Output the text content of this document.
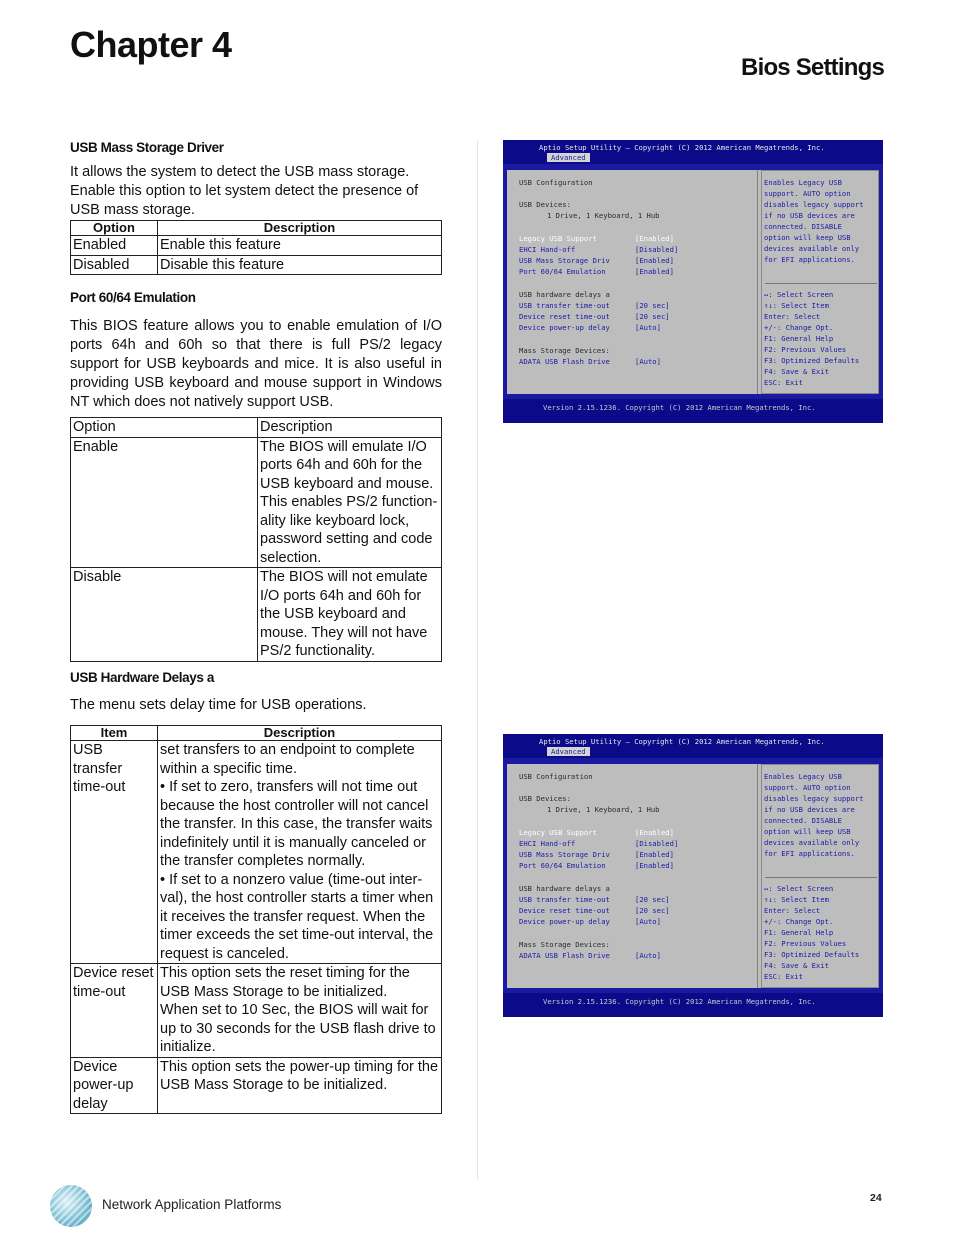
Chapter 4
Bios Settings
USB Mass Storage Driver
It allows the system to detect the USB mass storage. Enable this option to let system detect the presence of USB mass storage.
Option	Description
Enabled	Enable this feature
Disabled	Disable this feature
Port 60/64 Emulation
This BIOS feature allows you to enable emulation of I/O ports 64h and 60h so that there is full PS/2 legacy support for USB keyboards and mice. It is also useful in providing USB keyboard and mouse support in Windows NT which does not natively support USB.
Option	Description
Enable	The BIOS will emulate I/O ports 64h and 60h for the USB keyboard and mouse. This enables PS/2 function-ality like keyboard lock, password setting and code selection.
Disable	The BIOS will not emulate I/O ports 64h and 60h for the USB keyboard and mouse. They will not have PS/2 functionality.
USB Hardware Delays a
The menu sets delay time for USB operations.
Item	Description
USB transfer time-out	set transfers to an endpoint to complete within a specific time.
• If set to zero, transfers will not time out because the host controller will not cancel the transfer. In this case, the transfer waits indefinitely until it is manually canceled or the transfer completes normally.
• If set to a nonzero value (time-out inter-val), the host controller starts a timer when it receives the transfer request. When the timer exceeds the set time-out interval, the request is canceled.

Device reset time-out	This option sets the reset timing for the USB Mass Storage to be initialized.
When set to 10 Sec, the BIOS will wait for up to 30 seconds for the USB flash drive to initialize.

Device power-up delay	This option sets the power-up timing for the USB Mass Storage to be initialized.
Aptio Setup Utility – Copyright (C) 2012 American Megatrends, Inc.
Advanced
USB Configuration
USB Devices:
1 Drive, 1 Keyboard, 1 Hub
Legacy USB Support	[Enabled]
EHCI Hand-off	[Disabled]
USB Mass Storage Driv	[Enabled]
Port 60/64 Emulation	[Enabled]
USB hardware delays a
USB transfer time-out	[20 sec]
Device reset time-out	[20 sec]
Device power-up delay	[Auto]
Mass Storage Devices:
ADATA USB Flash Drive	[Auto]
Enables Legacy USB
support. AUTO option
disables legacy support
if no USB devices are
connected. DISABLE
option will keep USB
devices available only
for EFI applications.
↔: Select Screen
↑↓: Select Item
Enter: Select
+/-: Change Opt.
F1: General Help
F2: Previous Values
F3: Optimized Defaults
F4: Save & Exit
ESC: Exit
Version 2.15.1236. Copyright (C) 2012 American Megatrends, Inc.
Aptio Setup Utility – Copyright (C) 2012 American Megatrends, Inc.
Advanced
USB Configuration
USB Devices:
1 Drive, 1 Keyboard, 1 Hub
Legacy USB Support	[Enabled]
EHCI Hand-off	[Disabled]
USB Mass Storage Driv	[Enabled]
Port 60/64 Emulation	[Enabled]
USB hardware delays a
USB transfer time-out	[20 sec]
Device reset time-out	[20 sec]
Device power-up delay	[Auto]
Mass Storage Devices:
ADATA USB Flash Drive	[Auto]
Enables Legacy USB
support. AUTO option
disables legacy support
if no USB devices are
connected. DISABLE
option will keep USB
devices available only
for EFI applications.
↔: Select Screen
↑↓: Select Item
Enter: Select
+/-: Change Opt.
F1: General Help
F2: Previous Values
F3: Optimized Defaults
F4: Save & Exit
ESC: Exit
Version 2.15.1236. Copyright (C) 2012 American Megatrends, Inc.
Network Application Platforms	24
